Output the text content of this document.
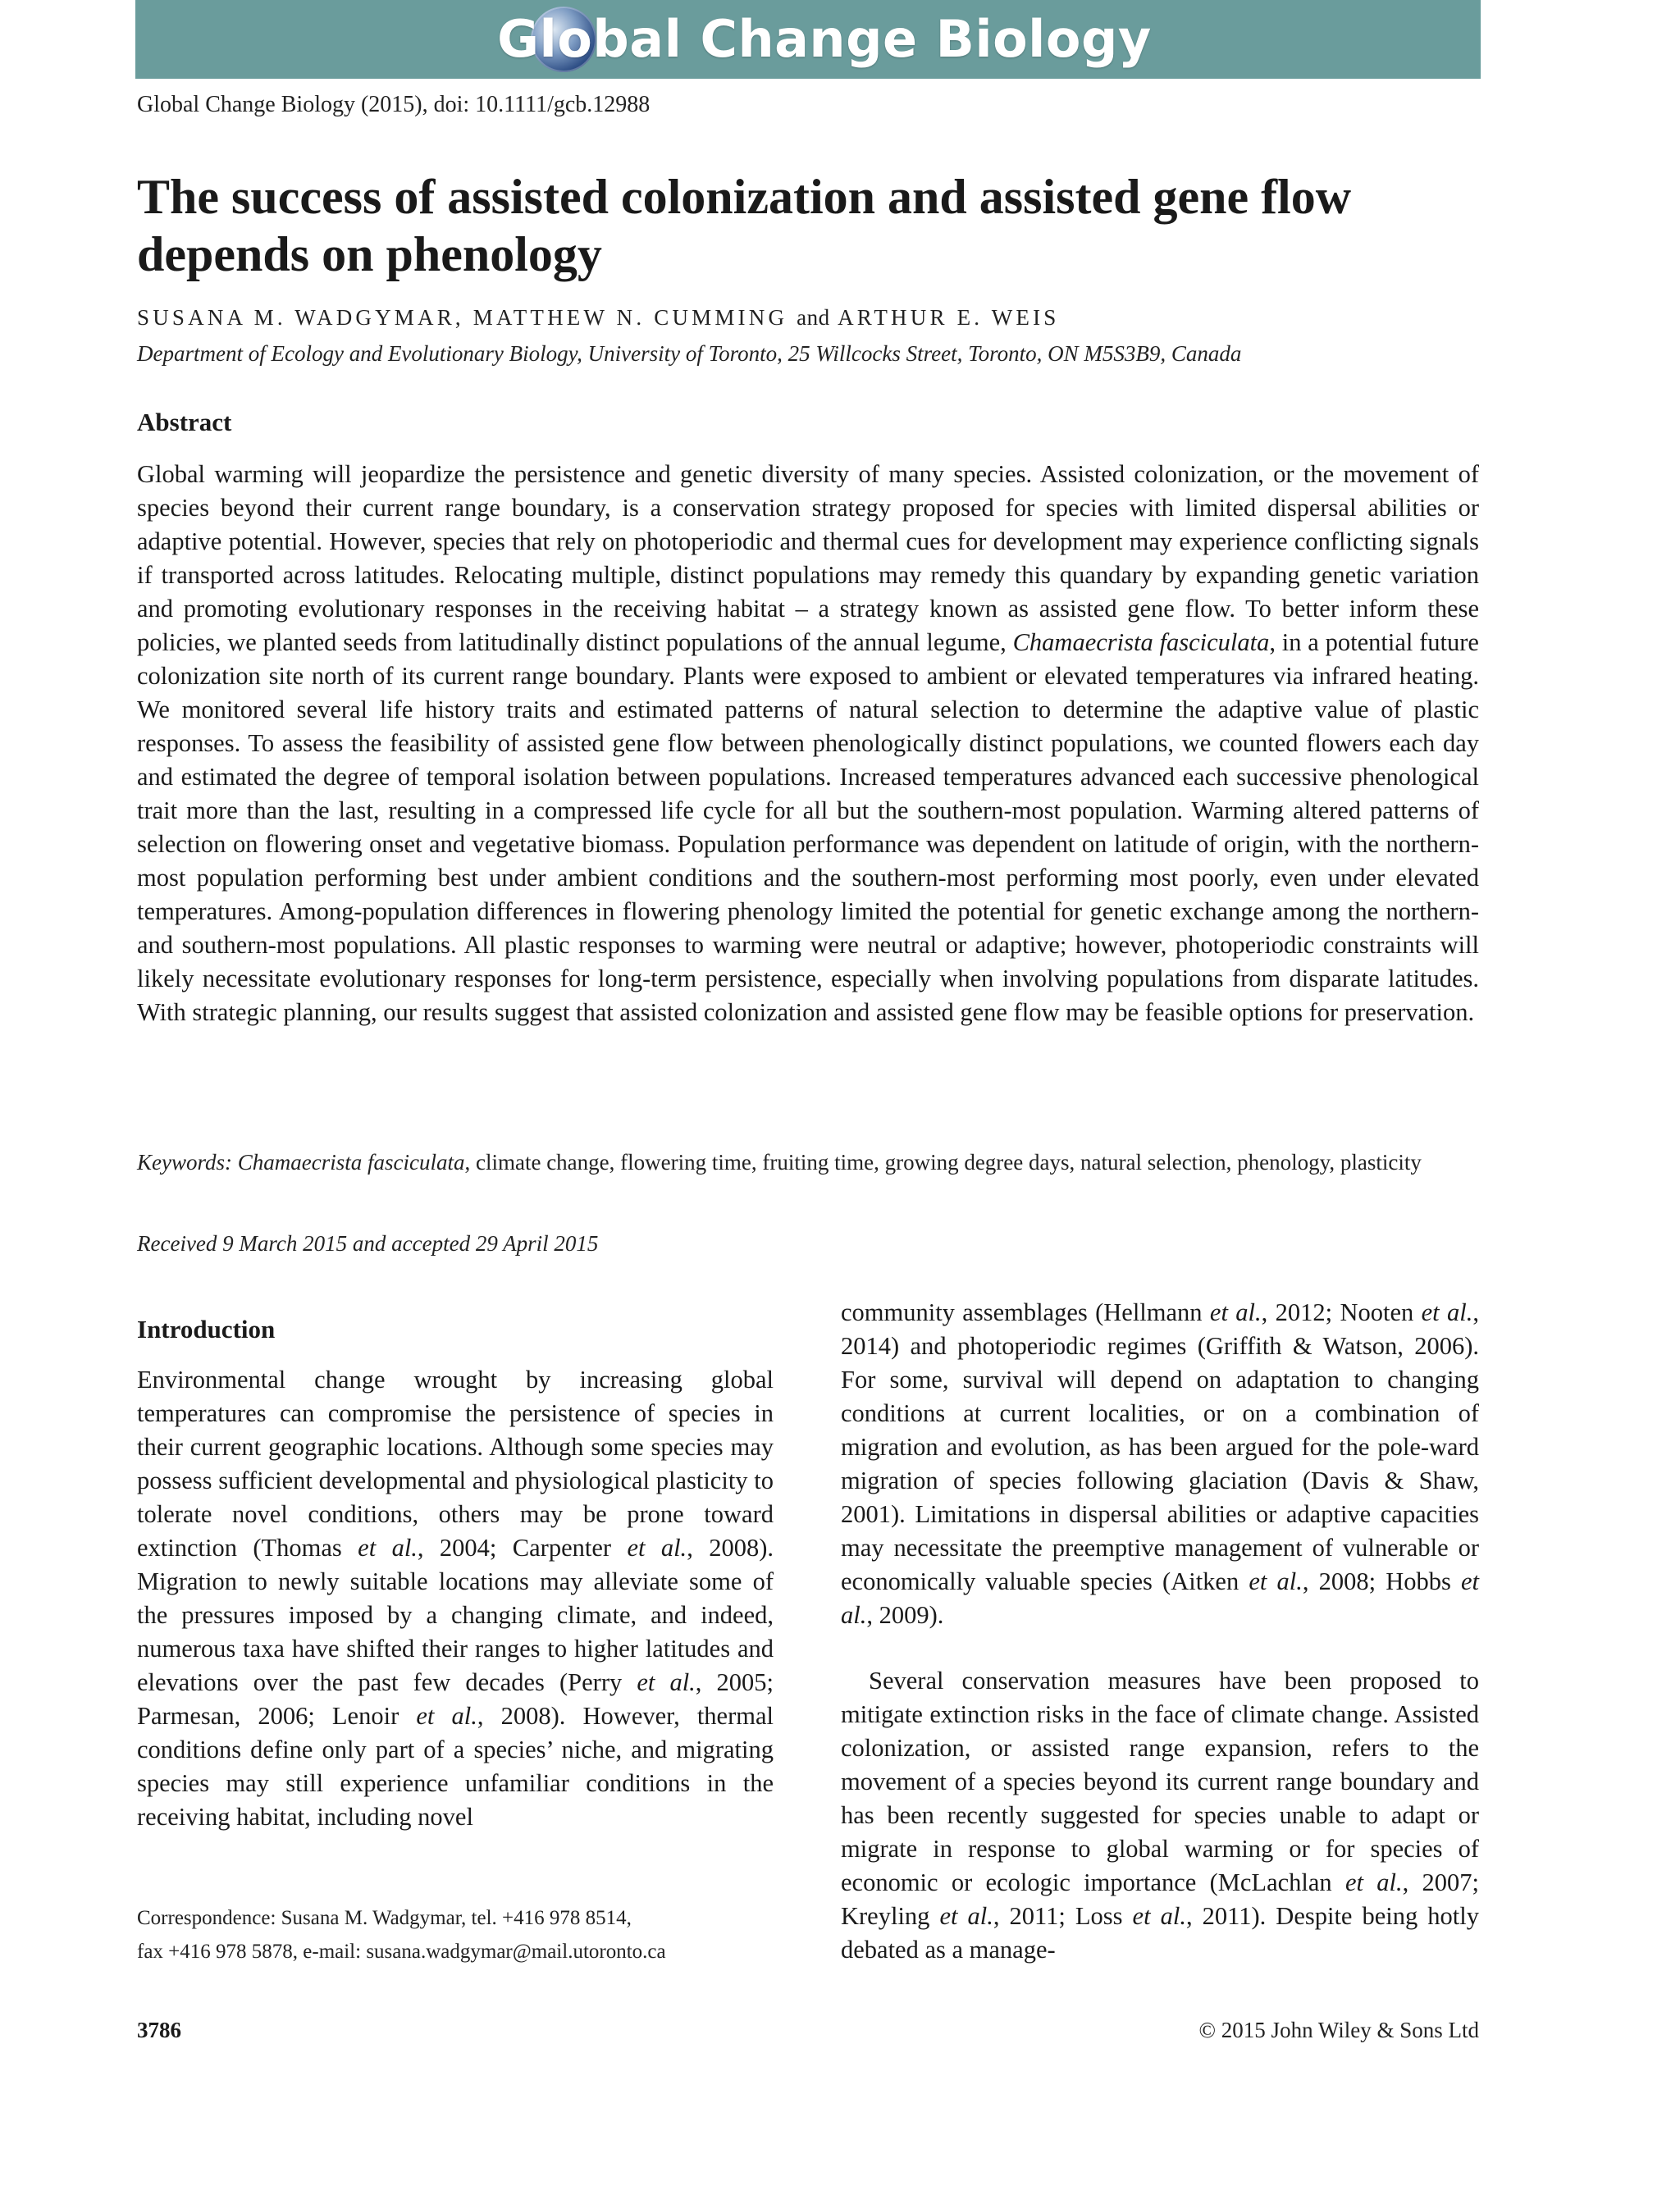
Global Change Biology
Global Change Biology (2015), doi: 10.1111/gcb.12988
The success of assisted colonization and assisted gene flow depends on phenology
SUSANA M. WADGYMAR, MATTHEW N. CUMMING and ARTHUR E. WEIS
Department of Ecology and Evolutionary Biology, University of Toronto, 25 Willcocks Street, Toronto, ON M5S3B9, Canada
Abstract

Global warming will jeopardize the persistence and genetic diversity of many species. Assisted colonization, or the movement of species beyond their current range boundary, is a conservation strategy proposed for species with limited dispersal abilities or adaptive potential. However, species that rely on photoperiodic and thermal cues for development may experience conflicting signals if transported across latitudes. Relocating multiple, distinct populations may remedy this quandary by expanding genetic variation and promoting evolutionary responses in the receiving habitat – a strategy known as assisted gene flow. To better inform these policies, we planted seeds from latitudinally distinct populations of the annual legume, Chamaecrista fasciculata, in a potential future colonization site north of its current range boundary. Plants were exposed to ambient or elevated temperatures via infrared heating. We monitored several life history traits and estimated patterns of natural selection to determine the adaptive value of plastic responses. To assess the feasibility of assisted gene flow between phenologically distinct populations, we counted flowers each day and estimated the degree of temporal isolation between populations. Increased temperatures advanced each successive phenological trait more than the last, resulting in a compressed life cycle for all but the southern-most population. Warming altered patterns of selection on flowering onset and vegetative biomass. Population performance was dependent on latitude of origin, with the northern-most population performing best under ambient conditions and the southern-most performing most poorly, even under elevated temperatures. Among-population differences in flowering phenology limited the potential for genetic exchange among the northern- and southern-most populations. All plastic responses to warming were neutral or adaptive; however, photoperiodic constraints will likely necessitate evolutionary responses for long-term persistence, especially when involving populations from disparate latitudes. With strategic planning, our results suggest that assisted colonization and assisted gene flow may be feasible options for preservation.

Keywords: Chamaecrista fasciculata, climate change, flowering time, fruiting time, growing degree days, natural selection, phenology, plasticity

Received 9 March 2015 and accepted 29 April 2015
Introduction

Environmental change wrought by increasing global temperatures can compromise the persistence of species in their current geographic locations. Although some species may possess sufficient developmental and physiological plasticity to tolerate novel conditions, others may be prone toward extinction (Thomas et al., 2004; Carpenter et al., 2008). Migration to newly suitable locations may alleviate some of the pressures imposed by a changing climate, and indeed, numerous taxa have shifted their ranges to higher latitudes and elevations over the past few decades (Perry et al., 2005; Parmesan, 2006; Lenoir et al., 2008). However, thermal conditions define only part of a species’ niche, and migrating species may still experience unfamiliar conditions in the receiving habitat, including novel

community assemblages (Hellmann et al., 2012; Nooten et al., 2014) and photoperiodic regimes (Griffith & Watson, 2006). For some, survival will depend on adaptation to changing conditions at current localities, or on a combination of migration and evolution, as has been argued for the pole-ward migration of species following glaciation (Davis & Shaw, 2001). Limitations in dispersal abilities or adaptive capacities may necessitate the preemptive management of vulnerable or economically valuable species (Aitken et al., 2008; Hobbs et al., 2009).

Several conservation measures have been proposed to mitigate extinction risks in the face of climate change. Assisted colonization, or assisted range expansion, refers to the movement of a species beyond its current range boundary and has been recently suggested for species unable to adapt or migrate in response to global warming or for species of economic or ecologic importance (McLachlan et al., 2007; Kreyling et al., 2011; Loss et al., 2011). Despite being hotly debated as a manage-

Correspondence: Susana M. Wadgymar, tel. +416 978 8514,
fax +416 978 5878, e-mail: susana.wadgymar@mail.utoronto.ca
3786	© 2015 John Wiley & Sons Ltd
